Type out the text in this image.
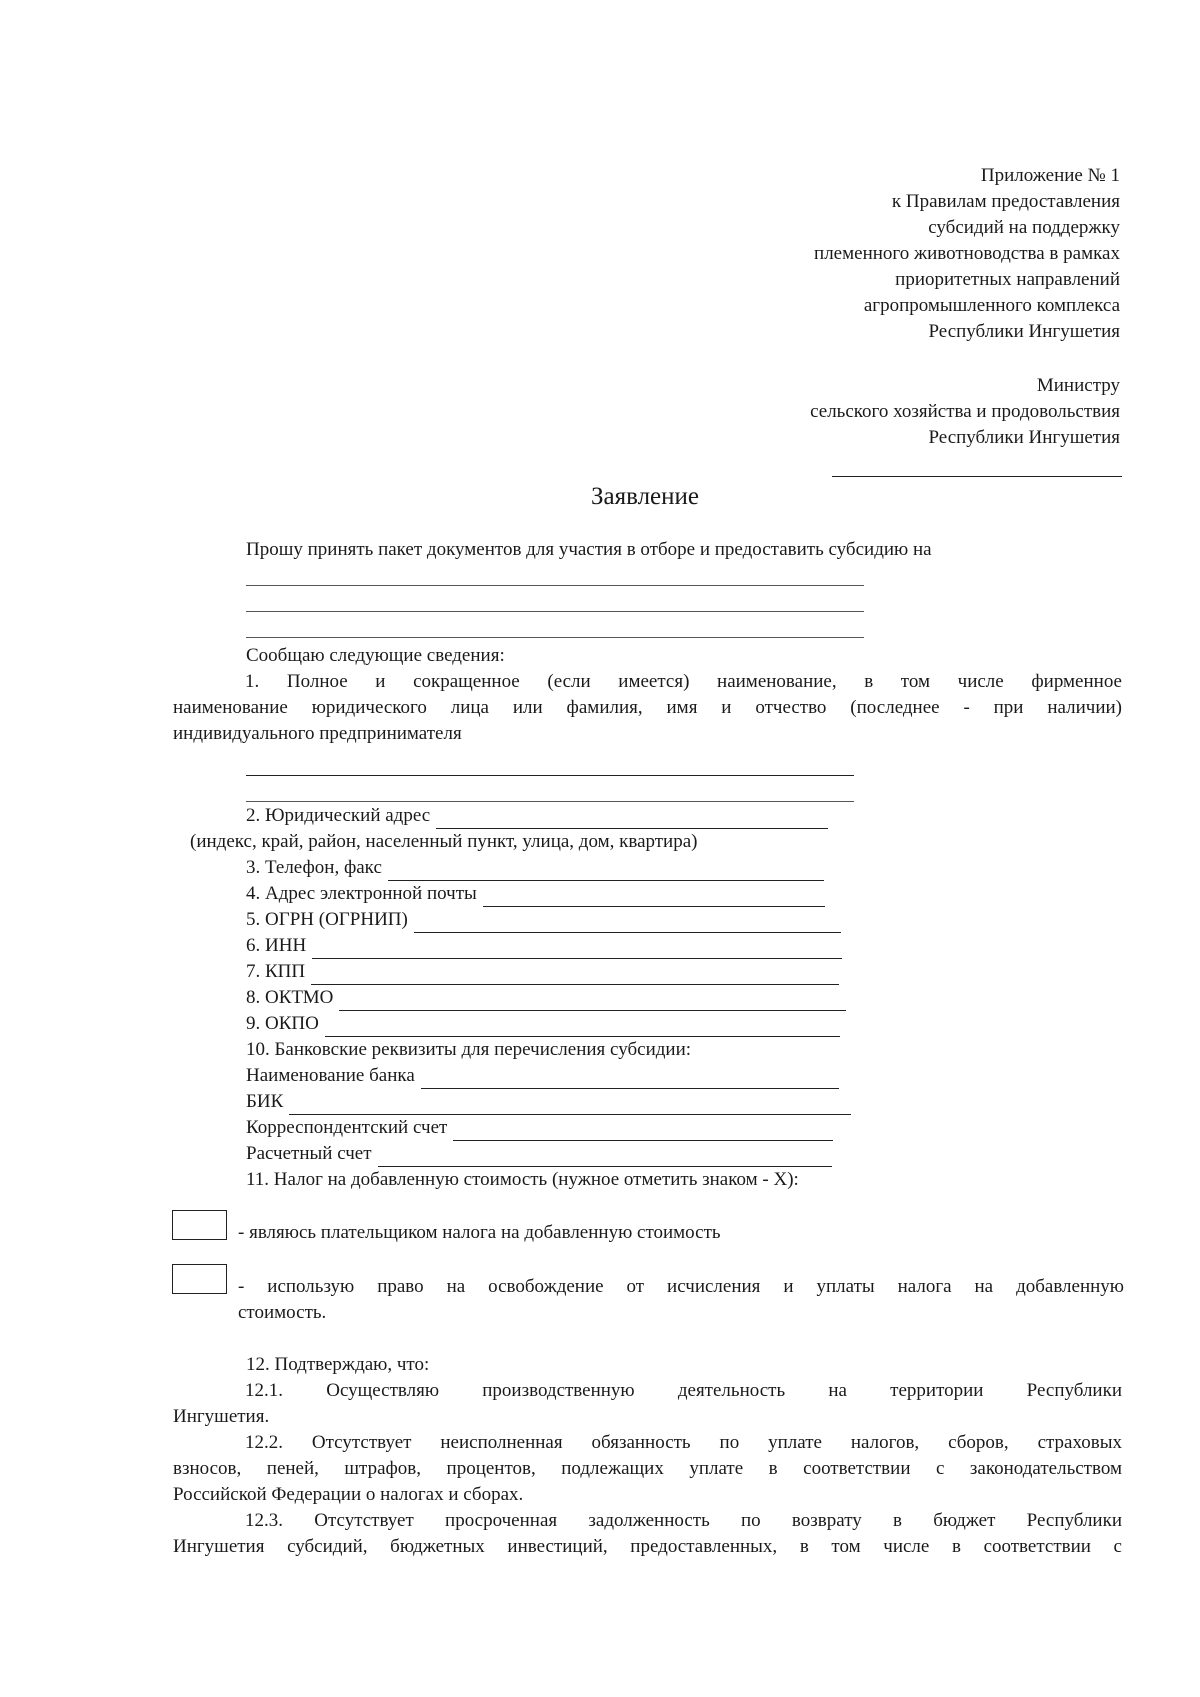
Приложение № 1
к Правилам предоставления
субсидий на поддержку
племенного животноводства в рамках
приоритетных направлений
агропромышленного комплекса
Республики Ингушетия
Министру
сельского хозяйства и продовольствия
Республики Ингушетия
Заявление
Прошу принять пакет документов для участия в отборе и предоставить субсидию на
Сообщаю следующие сведения:
1. Полное и сокращенное (если имеется) наименование, в том числе фирменное
наименование юридического лица или фамилия, имя и отчество (последнее - при наличии)
индивидуального предпринимателя
2. Юридический адрес
(индекс, край, район, населенный пункт, улица, дом, квартира)
3. Телефон, факс
4. Адрес электронной почты
5. ОГРН (ОГРНИП)
6. ИНН
7. КПП
8. ОКТМО
9. ОКПО
10. Банковские реквизиты для перечисления субсидии:
Наименование банка
БИК
Корреспондентский счет
Расчетный счет
11. Налог на добавленную стоимость (нужное отметить знаком - Х):
- являюсь плательщиком налога на добавленную стоимость
- использую право на освобождение от исчисления и уплаты налога на добавленную
стоимость.
12. Подтверждаю, что:
12.1. Осуществляю производственную деятельность на территории Республики
Ингушетия.
12.2. Отсутствует неисполненная обязанность по уплате налогов, сборов, страховых
взносов, пеней, штрафов, процентов, подлежащих уплате в соответствии с законодательством
Российской Федерации о налогах и сборах.
12.3. Отсутствует просроченная задолженность по возврату в бюджет Республики
Ингушетия субсидий, бюджетных инвестиций, предоставленных, в том числе в соответствии с
